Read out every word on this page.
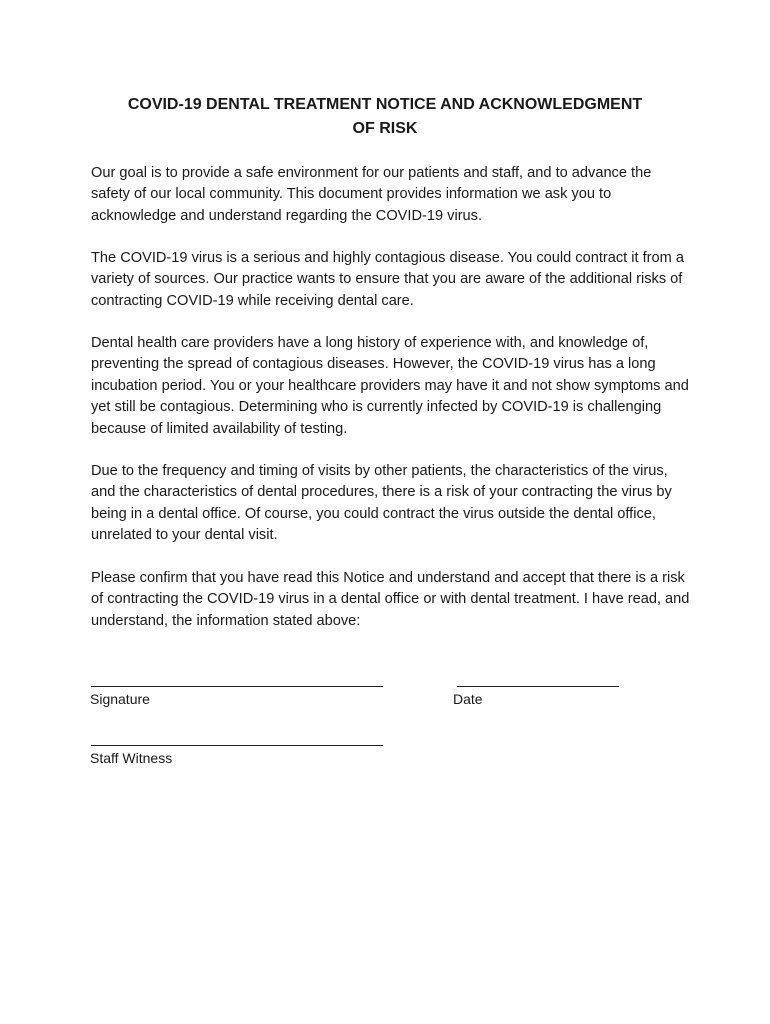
COVID-19 DENTAL TREATMENT NOTICE AND ACKNOWLEDGMENT
OF RISK

Our goal is to provide a safe environment for our patients and staff, and to advance the safety of our local community. This document provides information we ask you to acknowledge and understand regarding the COVID-19 virus.

The COVID-19 virus is a serious and highly contagious disease. You could contract it from a variety of sources. Our practice wants to ensure that you are aware of the additional risks of contracting COVID-19 while receiving dental care.

Dental health care providers have a long history of experience with, and knowledge of, preventing the spread of contagious diseases. However, the COVID-19 virus has a long incubation period. You or your healthcare providers may have it and not show symptoms and yet still be contagious. Determining who is currently infected by COVID-19 is challenging because of limited availability of testing.

Due to the frequency and timing of visits by other patients, the characteristics of the virus, and the characteristics of dental procedures, there is a risk of your contracting the virus by being in a dental office. Of course, you could contract the virus outside the dental office, unrelated to your dental visit.

Please confirm that you have read this Notice and understand and accept that there is a risk of contracting the COVID-19 virus in a dental office or with dental treatment. I have read, and understand, the information stated above:

Signature	Date
Staff Witness
